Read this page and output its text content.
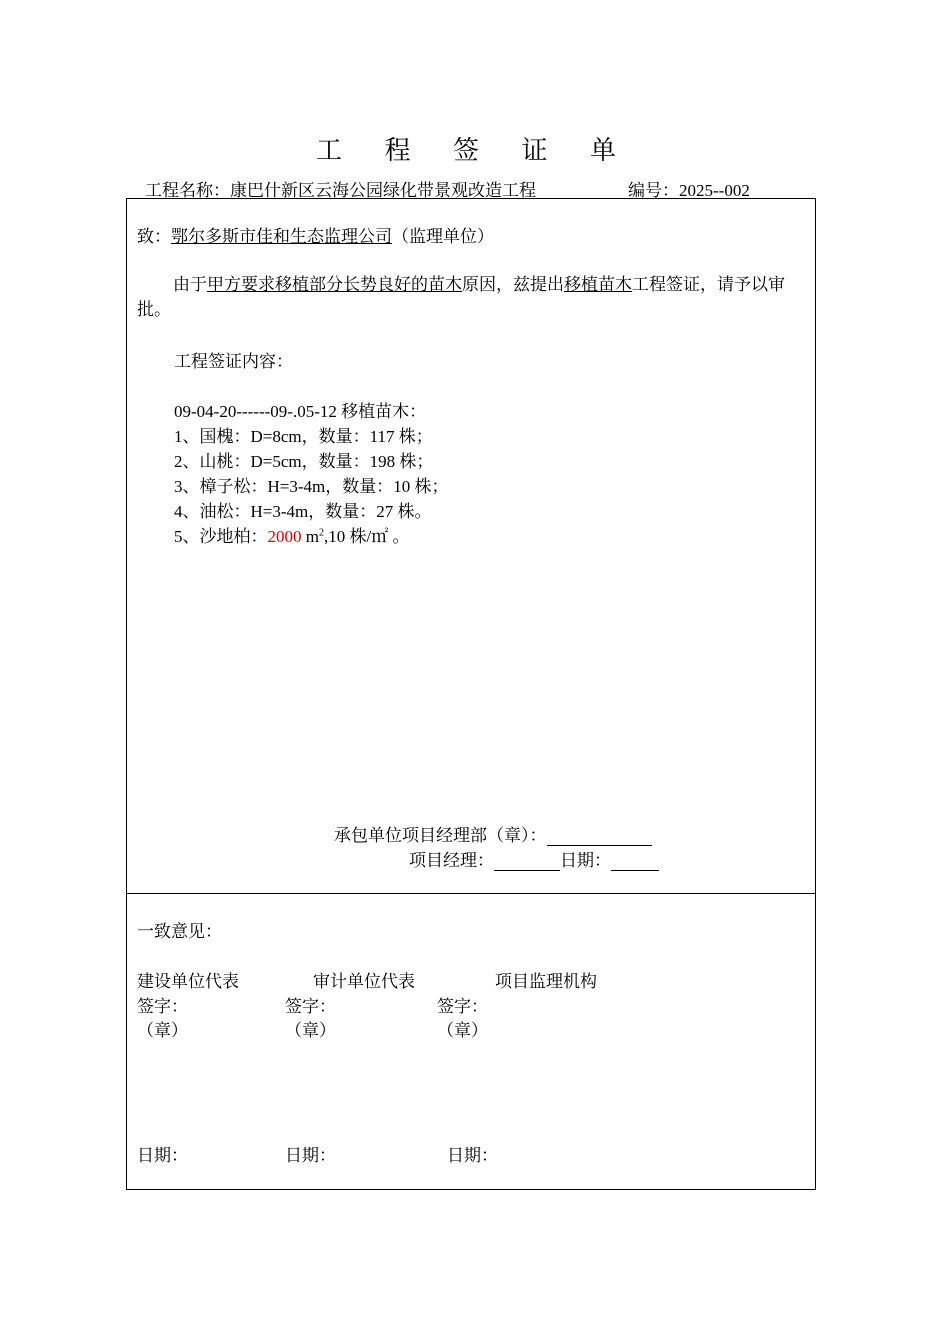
工 程 签 证 单
工程名称：康巴什新区云海公园绿化带景观改造工程	编号：2025--002
致：鄂尔多斯市佳和生态监理公司（监理单位）
由于甲方要求移植部分长势良好的苗木原因，兹提出移植苗木工程签证，请予以审批。
工程签证内容：
09-04-20------09-.05-12 移植苗木：
1、国槐：D=8cm，数量：117 株；
2、山桃：D=5cm，数量：198 株；
3、樟子松：H=3-4m，数量：10 株；
4、油松：H=3-4m，数量：27 株。
5、沙地柏：2000 $m^2,10$ 株/㎡ 。
承包单位项目经理部（章）：
项目经理：	日期：
一致意见：
建设单位代表	审计单位代表	项目监理机构
签字：	签字：	签字：
（章）	（章）	（章）
日期：	日期：	日期：
